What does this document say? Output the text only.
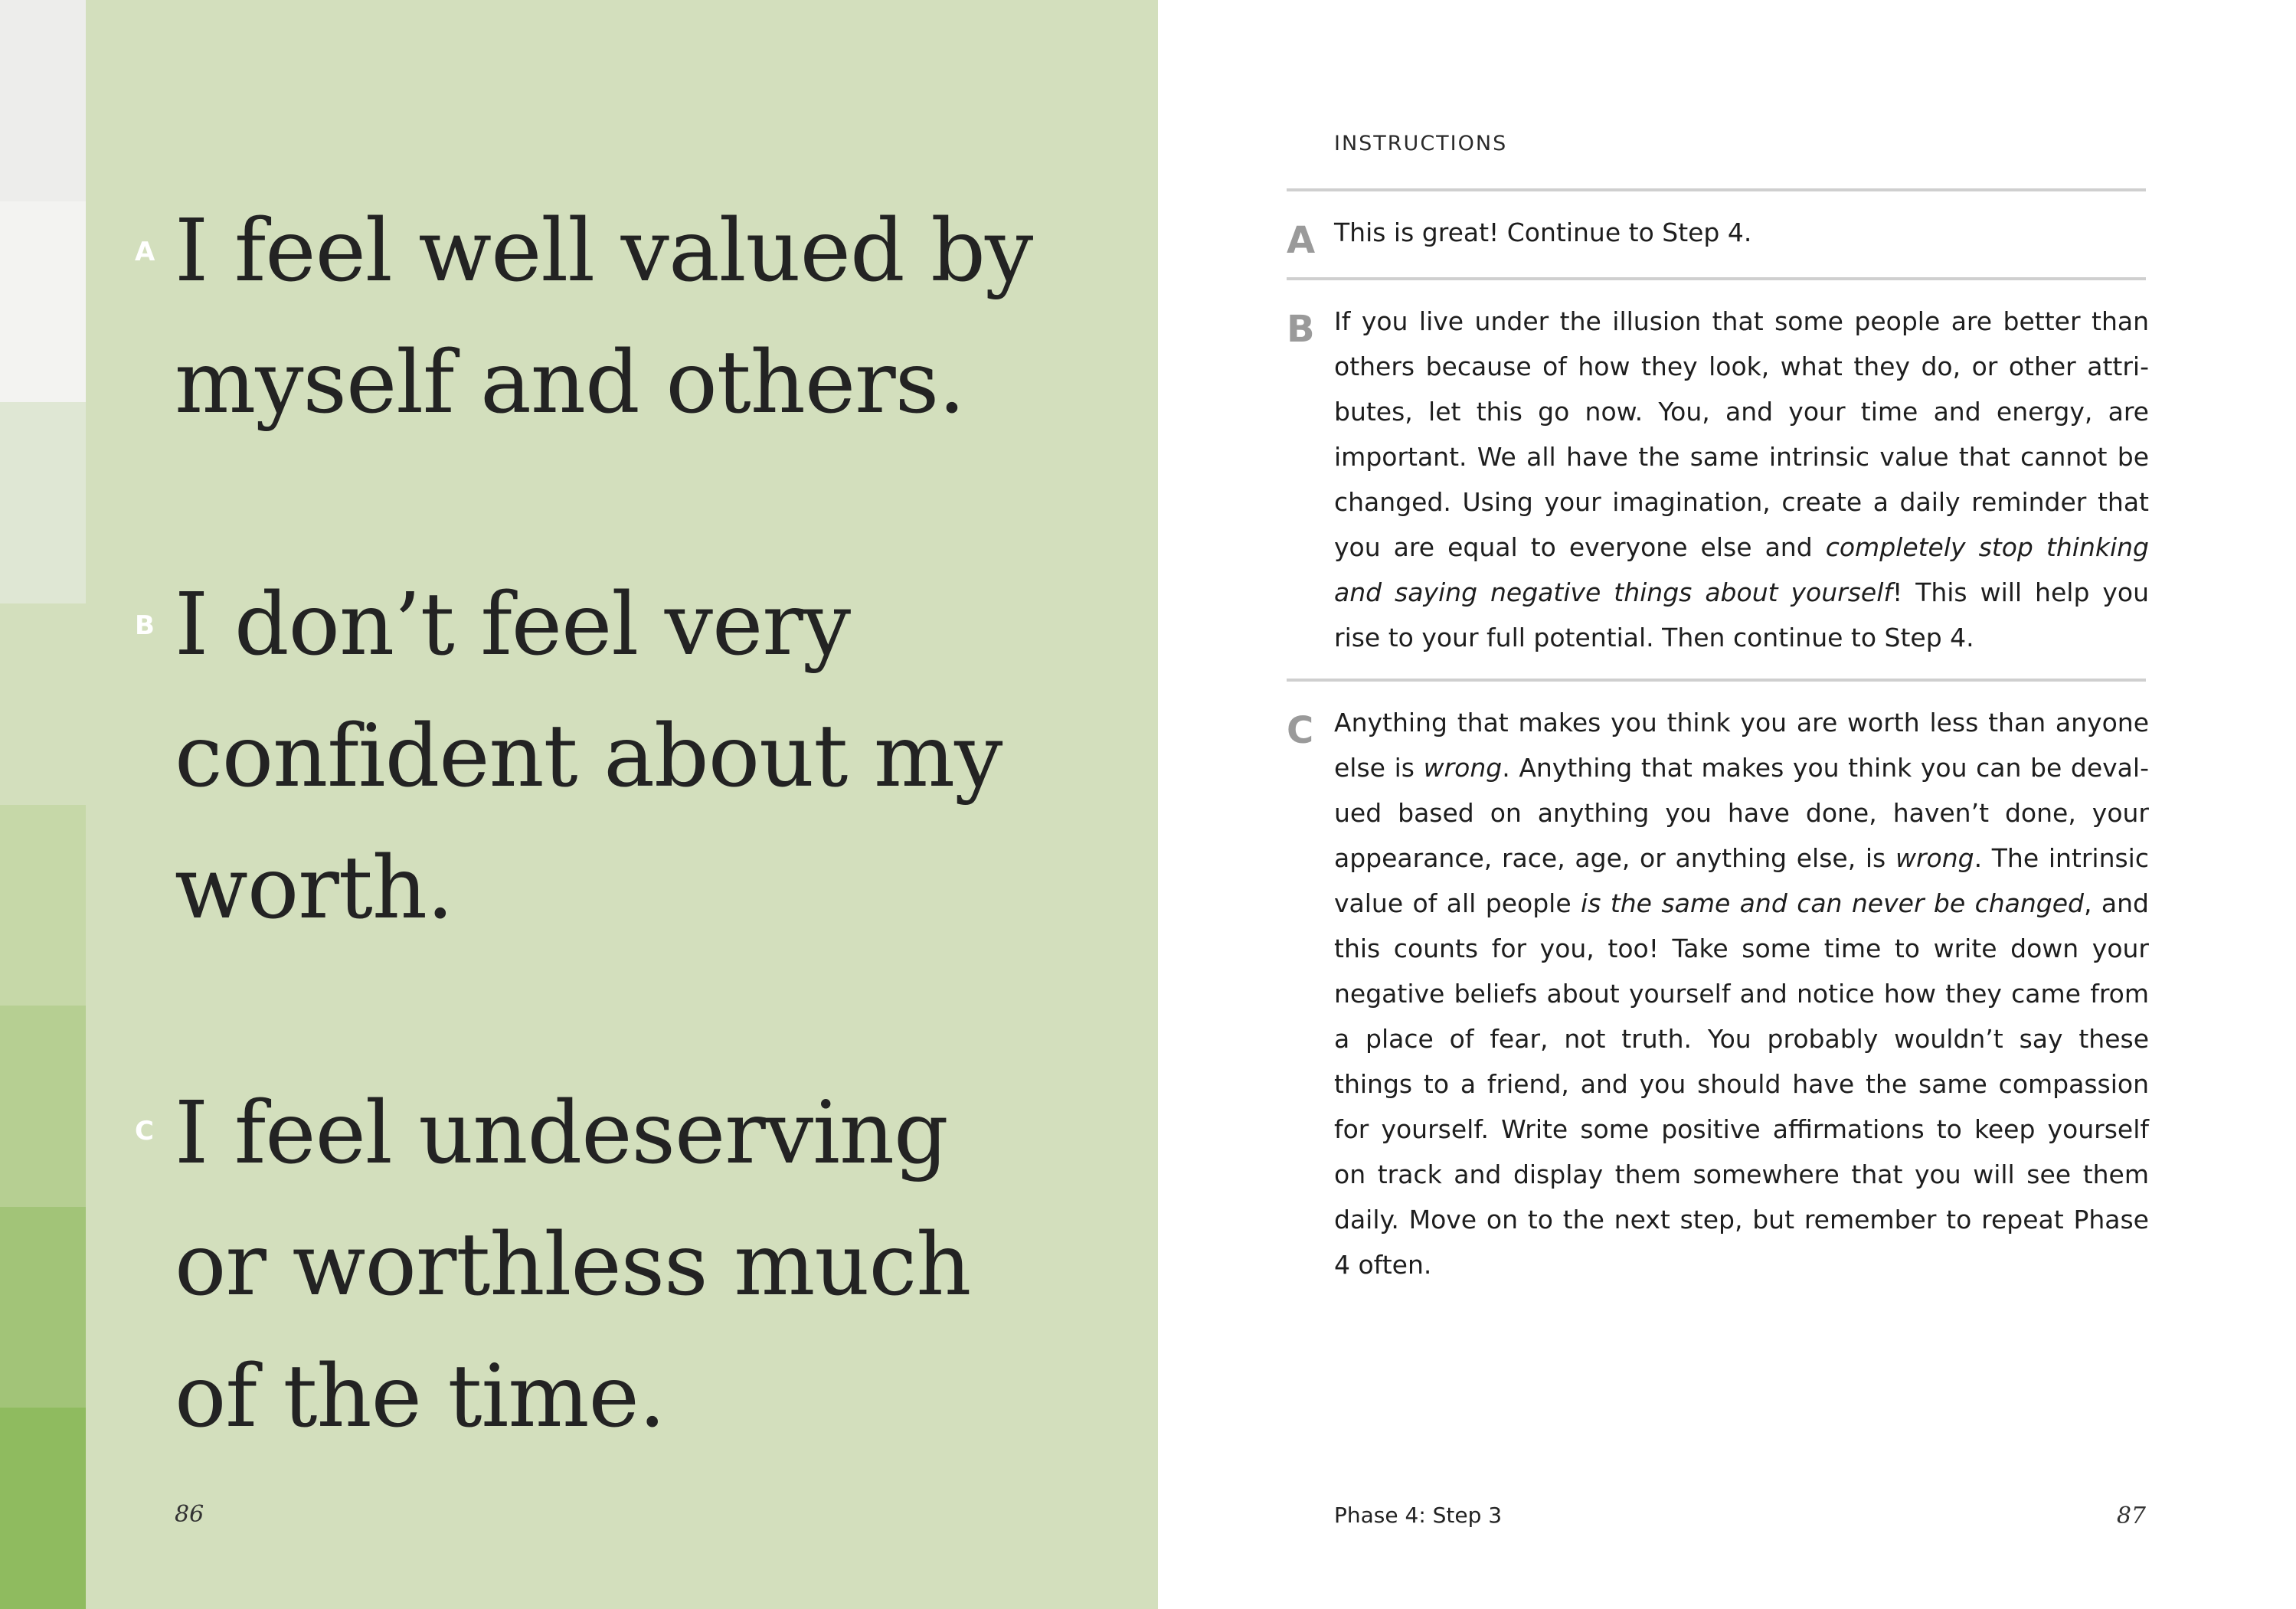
A I feel well valued by
myself and others.
B I don’t feel very
confident about my
worth.
C I feel undeserving
or worthless much
of the time.
86
INSTRUCTIONS
A This is great! Continue to Step 4.
B If you live under the illusion that some people are better than others because of how they look, what they do, or other attributes, let this go now. You, and your time and energy, are important. We all have the same intrinsic value that cannot be changed. Using your imagination, create a daily reminder that you are equal to everyone else and completely stop thinking and saying negative things about yourself! This will help you rise to your full potential. Then continue to Step 4.
C Anything that makes you think you are worth less than anyone else is wrong. Anything that makes you think you can be devalued based on anything you have done, haven’t done, your appearance, race, age, or anything else, is wrong. The intrinsic value of all people is the same and can never be changed, and this counts for you, too! Take some time to write down your negative beliefs about yourself and notice how they came from a place of fear, not truth. You probably wouldn’t say these things to a friend, and you should have the same compassion for yourself. Write some positive affirmations to keep yourself on track and display them somewhere that you will see them daily. Move on to the next step, but remember to repeat Phase 4 often.
Phase 4: Step 3	87
